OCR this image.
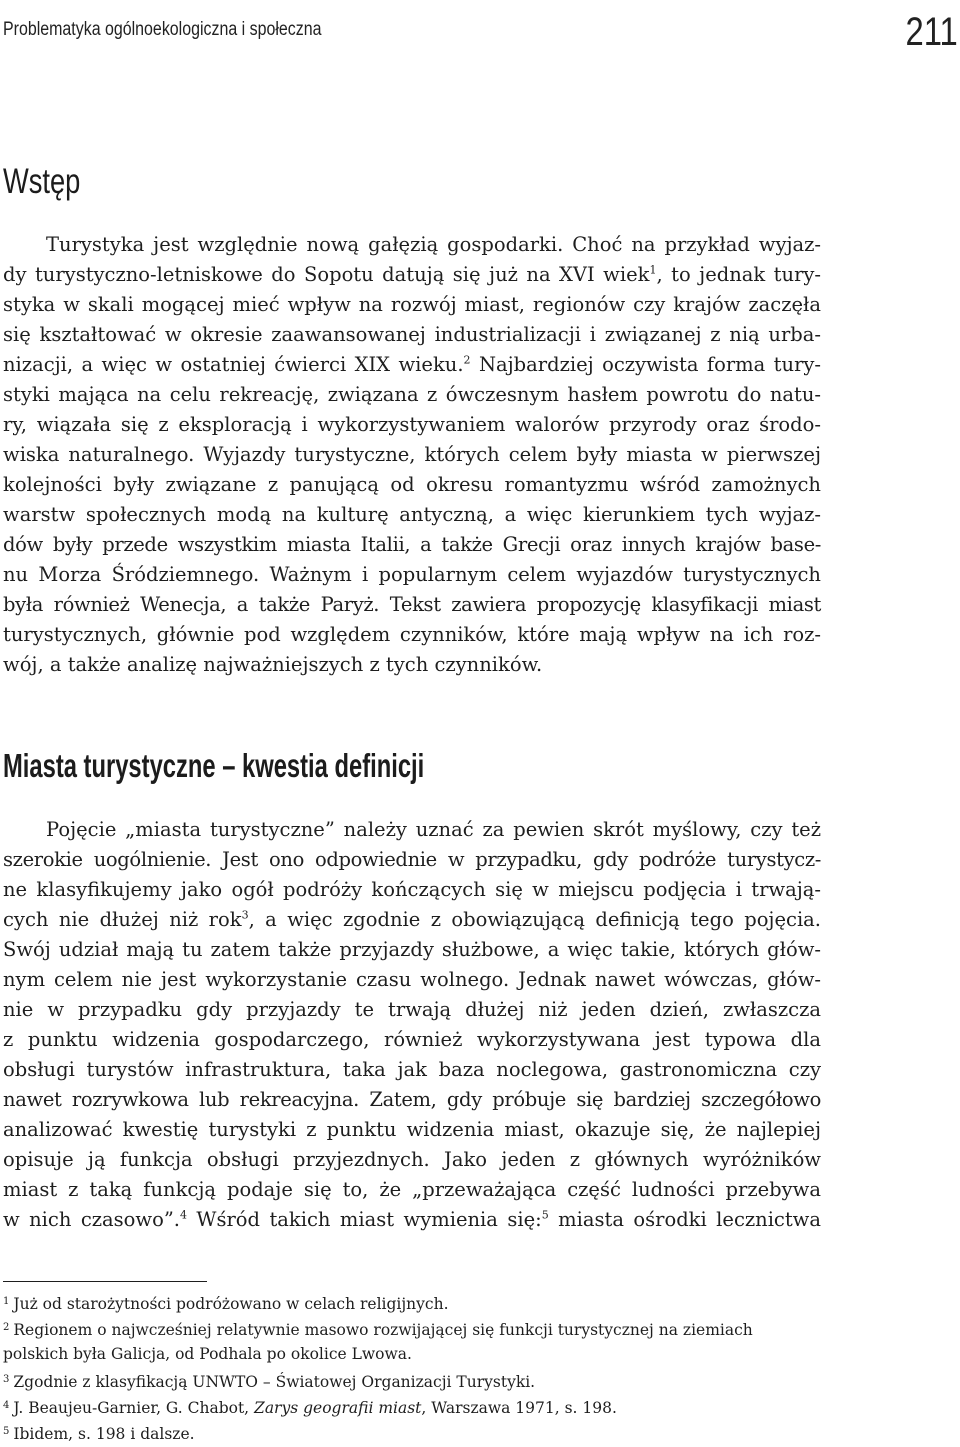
Problematyka ogólnoekologiczna i społeczna	211
Wstęp
Turystyka jest względnie nową gałęzią gospodarki. Choć na przykład wyjaz-
dy turystyczno-letniskowe do Sopotu datują się już na XVI wiek$^1$, to jednak tury-
styka w skali mogącej mieć wpływ na rozwój miast, regionów czy krajów zaczęła
się kształtować w okresie zaawansowanej industrializacji i związanej z nią urba-
nizacji, a więc w ostatniej ćwierci XIX wieku.$^2$ Najbardziej oczywista forma tury-
styki mająca na celu rekreację, związana z ówczesnym hasłem powrotu do natu-
ry, wiązała się z eksploracją i wykorzystywaniem walorów przyrody oraz środo-
wiska naturalnego. Wyjazdy turystyczne, których celem były miasta w pierwszej
kolejności były związane z panującą od okresu romantyzmu wśród zamożnych
warstw społecznych modą na kulturę antyczną, a więc kierunkiem tych wyjaz-
dów były przede wszystkim miasta Italii, a także Grecji oraz innych krajów base-
nu Morza Śródziemnego. Ważnym i popularnym celem wyjazdów turystycznych
była również Wenecja, a także Paryż. Tekst zawiera propozycję klasyfikacji miast
turystycznych, głównie pod względem czynników, które mają wpływ na ich roz-
wój, a także analizę najważniejszych z tych czynników.
Miasta turystyczne – kwestia definicji
Pojęcie „miasta turystyczne” należy uznać za pewien skrót myślowy, czy też
szerokie uogólnienie. Jest ono odpowiednie w przypadku, gdy podróże turystycz-
ne klasyfikujemy jako ogół podróży kończących się w miejscu podjęcia i trwają-
cych nie dłużej niż rok$^3$, a więc zgodnie z obowiązującą definicją tego pojęcia.
Swój udział mają tu zatem także przyjazdy służbowe, a więc takie, których głów-
nym celem nie jest wykorzystanie czasu wolnego. Jednak nawet wówczas, głów-
nie w przypadku gdy przyjazdy te trwają dłużej niż jeden dzień, zwłaszcza
z punktu widzenia gospodarczego, również wykorzystywana jest typowa dla
obsługi turystów infrastruktura, taka jak baza noclegowa, gastronomiczna czy
nawet rozrywkowa lub rekreacyjna. Zatem, gdy próbuje się bardziej szczegółowo
analizować kwestię turystyki z punktu widzenia miast, okazuje się, że najlepiej
opisuje ją funkcja obsługi przyjezdnych. Jako jeden z głównych wyróżników
miast z taką funkcją podaje się to, że „przeważająca część ludności przebywa
w nich czasowo”.$^4$ Wśród takich miast wymienia się:$^5$ miasta ośrodki lecznictwa
$^1$ Już od starożytności podróżowano w celach religijnych.
$^2$ Regionem o najwcześniej relatywnie masowo rozwijającej się funkcji turystycznej na ziemiach
polskich była Galicja, od Podhala po okolice Lwowa.
$^3$ Zgodnie z klasyfikacją UNWTO – Światowej Organizacji Turystyki.
$^4$ J. Beaujeu-Garnier, G. Chabot, Zarys geografii miast, Warszawa 1971, s. 198.
$^5$ Ibidem, s. 198 i dalsze.
